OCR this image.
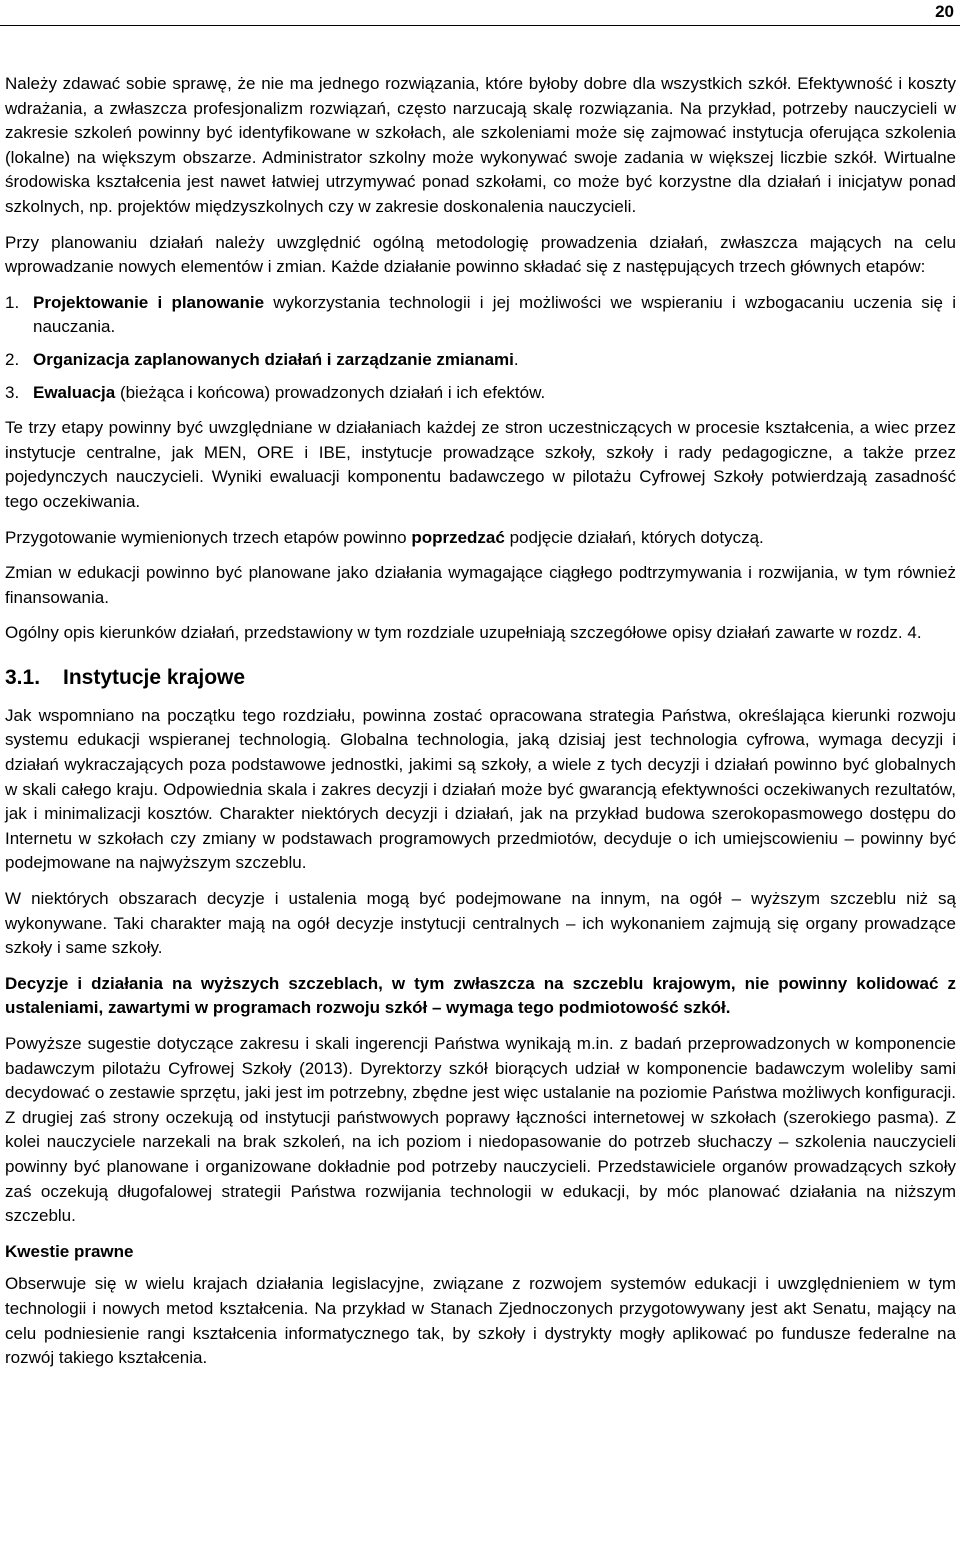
20

Należy zdawać sobie sprawę, że nie ma jednego rozwiązania, które byłoby dobre dla wszystkich szkół. Efektywność i koszty wdrażania, a zwłaszcza profesjonalizm rozwiązań, często narzucają skalę rozwiązania. Na przykład, potrzeby nauczycieli w zakresie szkoleń powinny być identyfikowane w szkołach, ale szkoleniami może się zajmować instytucja oferująca szkolenia (lokalne) na większym obszarze. Administrator szkolny może wykonywać swoje zadania w większej liczbie szkół. Wirtualne środowiska kształcenia jest nawet łatwiej utrzymywać ponad szkołami, co może być korzystne dla działań i inicjatyw ponad szkolnych, np. projektów międzyszkolnych czy w zakresie doskonalenia nauczycieli.

Przy planowaniu działań należy uwzględnić ogólną metodologię prowadzenia działań, zwłaszcza mających na celu wprowadzanie nowych elementów i zmian. Każde działanie powinno składać się z następujących trzech głównych etapów:

1. Projektowanie i planowanie wykorzystania technologii i jej możliwości we wspieraniu i wzbogacaniu uczenia się i nauczania.
2. Organizacja zaplanowanych działań i zarządzanie zmianami.
3. Ewaluacja (bieżąca i końcowa) prowadzonych działań i ich efektów.

Te trzy etapy powinny być uwzględniane w działaniach każdej ze stron uczestniczących w procesie kształcenia, a wiec przez instytucje centralne, jak MEN, ORE i IBE, instytucje prowadzące szkoły, szkoły i rady pedagogiczne, a także przez pojedynczych nauczycieli. Wyniki ewaluacji komponentu badawczego w pilotażu Cyfrowej Szkoły potwierdzają zasadność tego oczekiwania.

Przygotowanie wymienionych trzech etapów powinno poprzedzać podjęcie działań, których dotyczą.

Zmian w edukacji powinno być planowane jako działania wymagające ciągłego podtrzymywania i rozwijania, w tym również finansowania.

Ogólny opis kierunków działań, przedstawiony w tym rozdziale uzupełniają szczegółowe opisy działań zawarte w rozdz. 4.

3.1. Instytucje krajowe

Jak wspomniano na początku tego rozdziału, powinna zostać opracowana strategia Państwa, określająca kierunki rozwoju systemu edukacji wspieranej technologią. Globalna technologia, jaką dzisiaj jest technologia cyfrowa, wymaga decyzji i działań wykraczających poza podstawowe jednostki, jakimi są szkoły, a wiele z tych decyzji i działań powinno być globalnych w skali całego kraju. Odpowiednia skala i zakres decyzji i działań może być gwarancją efektywności oczekiwanych rezultatów, jak i minimalizacji kosztów. Charakter niektórych decyzji i działań, jak na przykład budowa szerokopasmowego dostępu do Internetu w szkołach czy zmiany w podstawach programowych przedmiotów, decyduje o ich umiejscowieniu – powinny być podejmowane na najwyższym szczeblu.

W niektórych obszarach decyzje i ustalenia mogą być podejmowane na innym, na ogół – wyższym szczeblu niż są wykonywane. Taki charakter mają na ogół decyzje instytucji centralnych – ich wykonaniem zajmują się organy prowadzące szkoły i same szkoły.

Decyzje i działania na wyższych szczeblach, w tym zwłaszcza na szczeblu krajowym, nie powinny kolidować z ustaleniami, zawartymi w programach rozwoju szkół – wymaga tego podmiotowość szkół.

Powyższe sugestie dotyczące zakresu i skali ingerencji Państwa wynikają m.in. z badań przeprowadzonych w komponencie badawczym pilotażu Cyfrowej Szkoły (2013). Dyrektorzy szkół biorących udział w komponencie badawczym woleliby sami decydować o zestawie sprzętu, jaki jest im potrzebny, zbędne jest więc ustalanie na poziomie Państwa możliwych konfiguracji. Z drugiej zaś strony oczekują od instytucji państwowych poprawy łączności internetowej w szkołach (szerokiego pasma). Z kolei nauczyciele narzekali na brak szkoleń, na ich poziom i niedopasowanie do potrzeb słuchaczy – szkolenia nauczycieli powinny być planowane i organizowane dokładnie pod potrzeby nauczycieli. Przedstawiciele organów prowadzących szkoły zaś oczekują długofalowej strategii Państwa rozwijania technologii w edukacji, by móc planować działania na niższym szczeblu.

Kwestie prawne

Obserwuje się w wielu krajach działania legislacyjne, związane z rozwojem systemów edukacji i uwzględnieniem w tym technologii i nowych metod kształcenia. Na przykład w Stanach Zjednoczonych przygotowywany jest akt Senatu, mający na celu podniesienie rangi kształcenia informatycznego tak, by szkoły i dystrykty mogły aplikować po fundusze federalne na rozwój takiego kształcenia.
